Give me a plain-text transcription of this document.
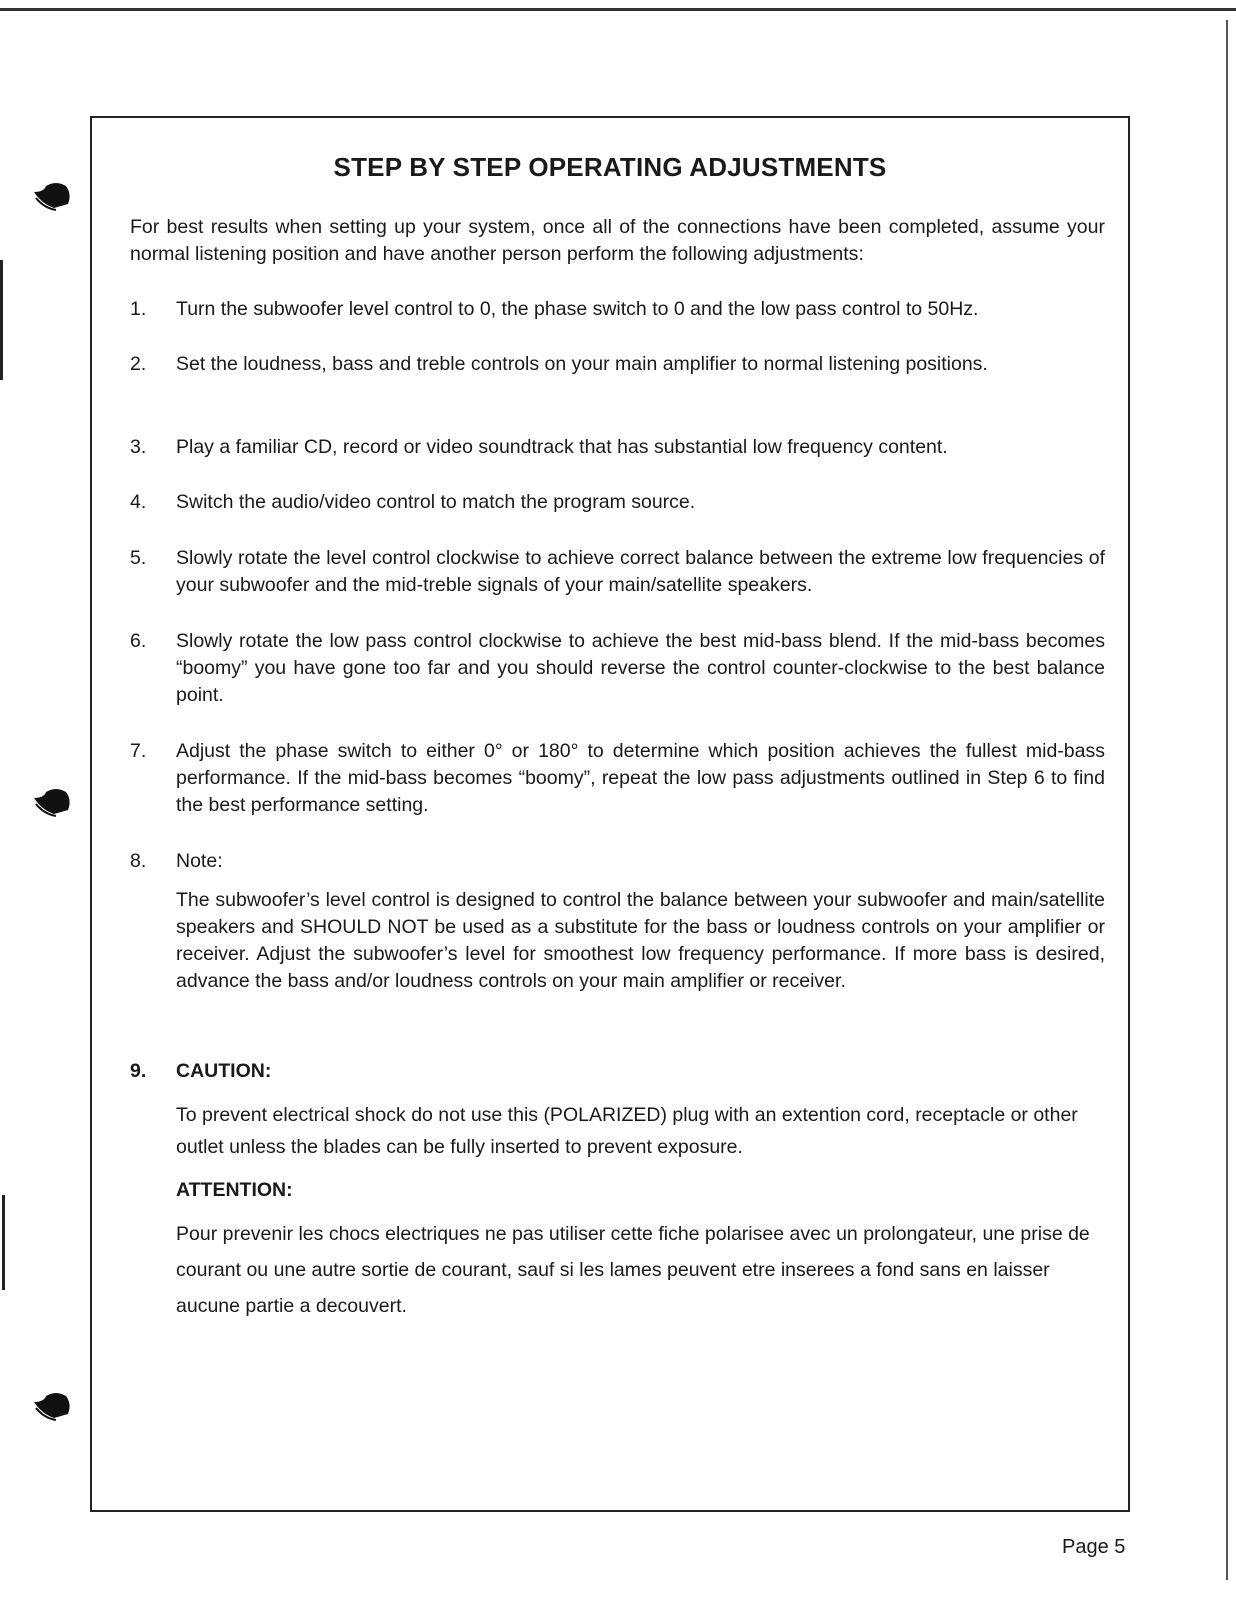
STEP BY STEP OPERATING ADJUSTMENTS

For best results when setting up your system, once all of the connections have been completed, assume your normal listening position and have another person perform the following adjustments:

1. Turn the subwoofer level control to 0, the phase switch to 0 and the low pass control to 50Hz.

2. Set the loudness, bass and treble controls on your main amplifier to normal listening positions.

3. Play a familiar CD, record or video soundtrack that has substantial low frequency content.

4. Switch the audio/video control to match the program source.

5. Slowly rotate the level control clockwise to achieve correct balance between the extreme low frequencies of your subwoofer and the mid-treble signals of your main/satellite speakers.

6. Slowly rotate the low pass control clockwise to achieve the best mid-bass blend. If the mid-bass becomes “boomy” you have gone too far and you should reverse the control counter-clockwise to the best balance point.

7. Adjust the phase switch to either 0° or 180° to determine which position achieves the fullest mid-bass performance. If the mid-bass becomes “boomy”, repeat the low pass adjustments outlined in Step 6 to find the best performance setting.

8. Note:

The subwoofer’s level control is designed to control the balance between your subwoofer and main/satellite speakers and SHOULD NOT be used as a substitute for the bass or loudness controls on your amplifier or receiver. Adjust the subwoofer’s level for smoothest low frequency performance. If more bass is desired, advance the bass and/or loudness controls on your main amplifier or receiver.

9. CAUTION:

To prevent electrical shock do not use this (POLARIZED) plug with an extention cord, receptacle or other outlet unless the blades can be fully inserted to prevent exposure.

ATTENTION:

Pour prevenir les chocs electriques ne pas utiliser cette fiche polarisee avec un prolongateur, une prise de courant ou une autre sortie de courant, sauf si les lames peuvent etre inserees a fond sans en laisser aucune partie a decouvert.

Page 5
